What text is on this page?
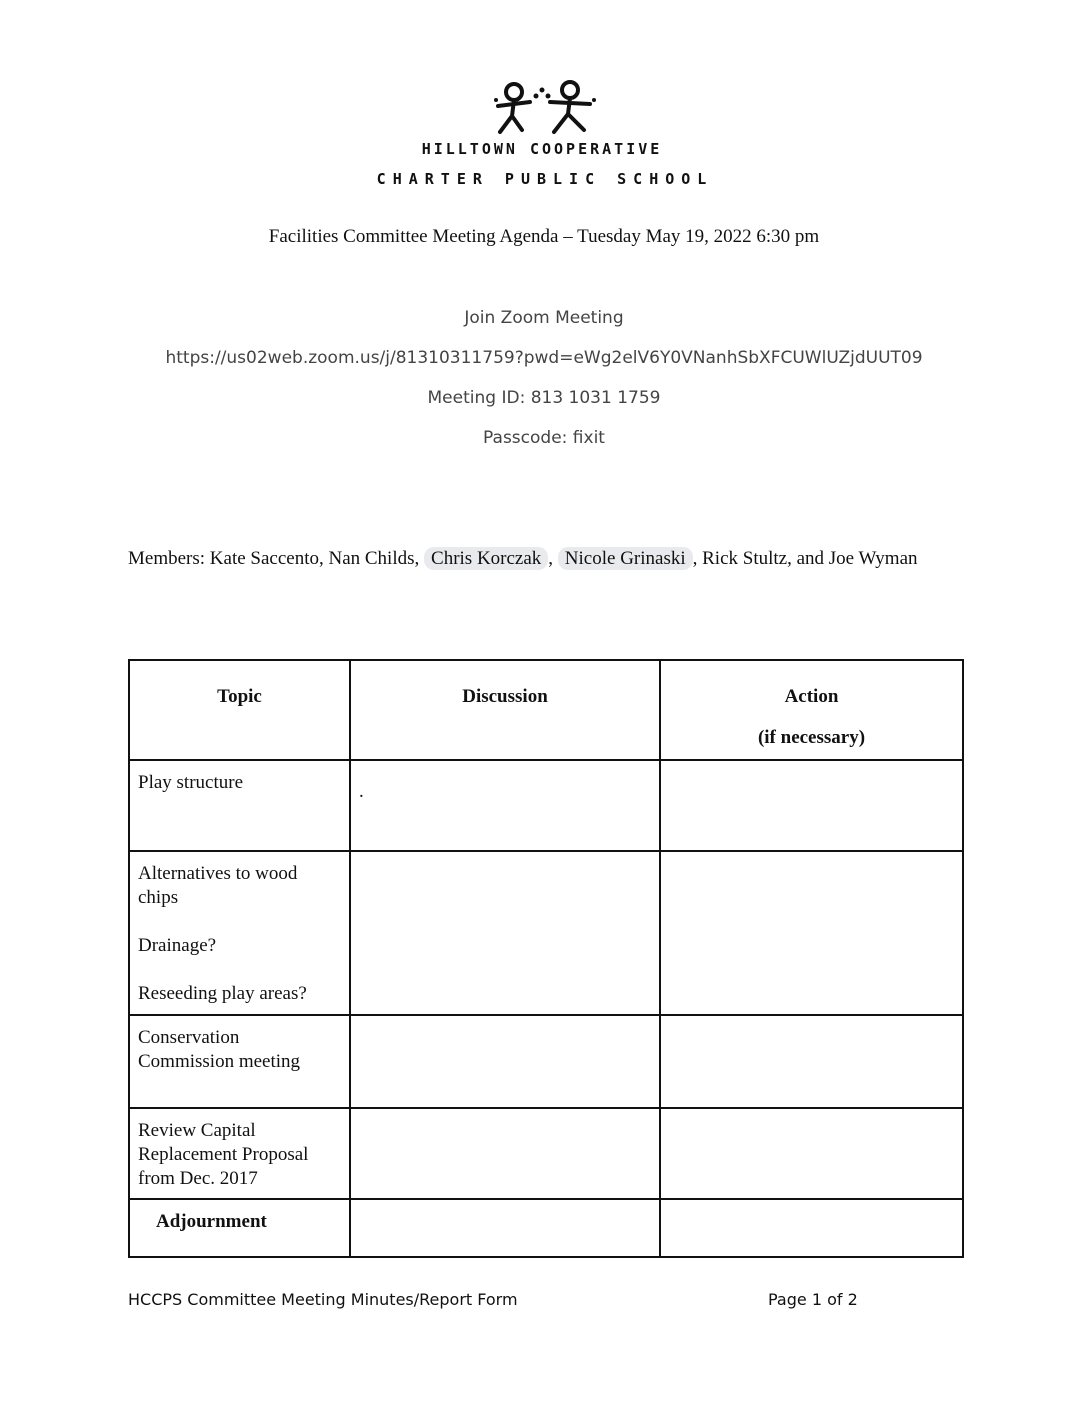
HILLTOWN COOPERATIVE
CHARTER PUBLIC SCHOOL
Facilities Committee Meeting Agenda – Tuesday May 19, 2022 6:30 pm
Join Zoom Meeting
https://us02web.zoom.us/j/81310311759?pwd=eWg2elV6Y0VNanhSbXFCUWlUZjdUUT09
Meeting ID: 813 1031 1759
Passcode: fixit
Members: Kate Saccento, Nan Childs, Chris Korczak , Nicole Grinaski , Rick Stultz, and Joe Wyman
Topic	Discussion	Action
(if necessary)

Play structure	.	

Alternatives to wood
chips
Drainage?
Reseeding play areas?		

Conservation
Commission meeting		

Review Capital
Replacement Proposal
from Dec. 2017		

Adjournment		

HCCPS Committee Meeting Minutes/Report Form	Page 1 of 2
